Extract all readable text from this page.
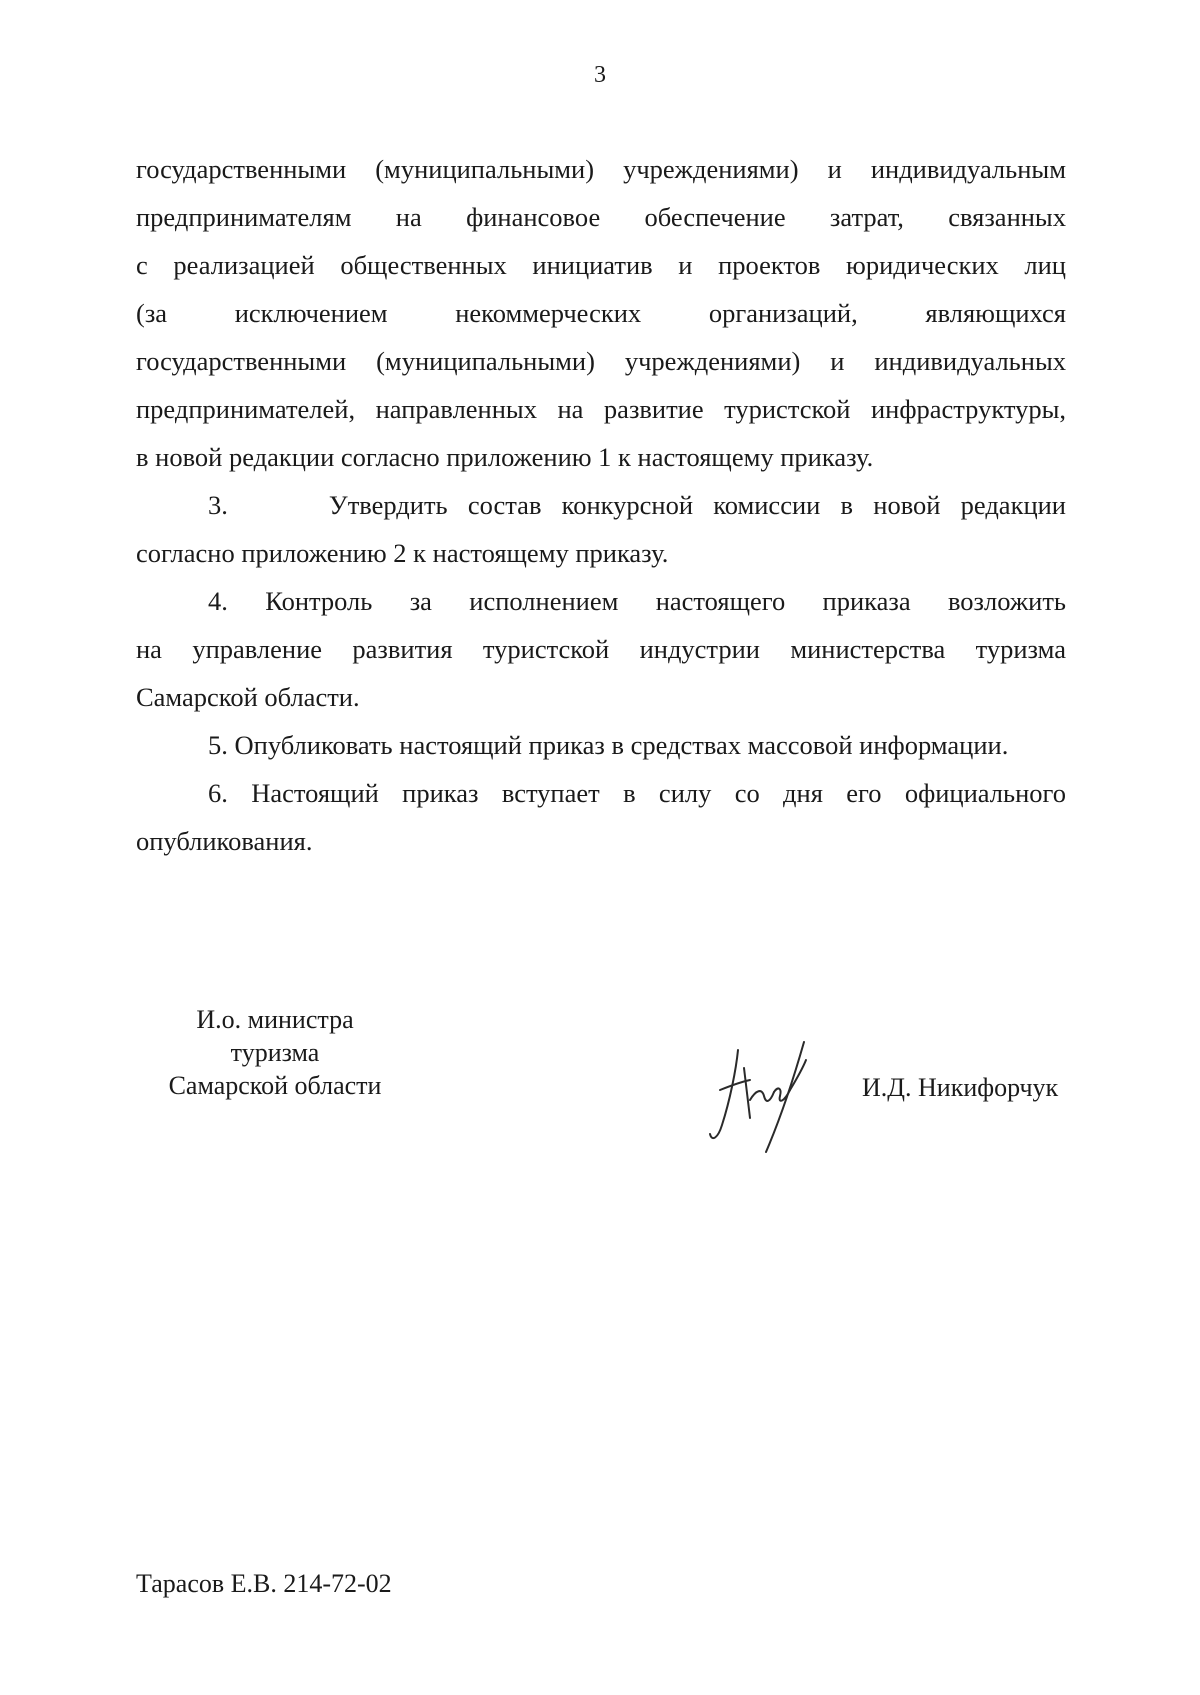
3
государственными (муниципальными) учреждениями) и индивидуальным
предпринимателям на финансовое обеспечение затрат, связанных
с реализацией общественных инициатив и проектов юридических лиц
(за исключением некоммерческих организаций, являющихся
государственными (муниципальными) учреждениями) и индивидуальных
предпринимателей, направленных на развитие туристской инфраструктуры,
в новой редакции согласно приложению 1 к настоящему приказу.
3.     Утвердить состав конкурсной комиссии в новой редакции
согласно приложению 2 к настоящему приказу.
4. Контроль за исполнением настоящего приказа возложить
на управление развития туристской индустрии министерства туризма
Самарской области.
5. Опубликовать настоящий приказ в средствах массовой информации.
6. Настоящий приказ вступает в силу со дня его официального
опубликования.
И.о. министра
туризма
Самарской области	И.Д. Никифорчук
Тарасов Е.В. 214-72-02
